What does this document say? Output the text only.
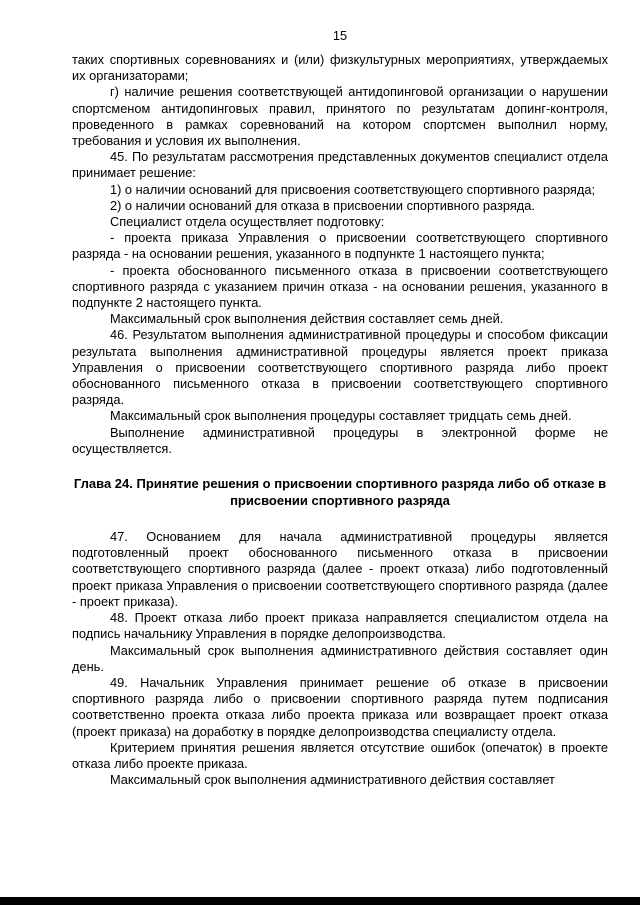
15

таких спортивных соревнованиях и (или) физкультурных мероприятиях, утверждаемых их организаторами;

г) наличие решения соответствующей антидопинговой организации о нарушении спортсменом антидопинговых правил, принятого по результатам допинг-контроля, проведенного в рамках соревнований на котором спортсмен выполнил норму, требования и условия их выполнения.

45. По результатам рассмотрения представленных документов специалист отдела принимает решение:

1) о наличии оснований для присвоения соответствующего спортивного разряда;

2) о наличии оснований для отказа в присвоении спортивного разряда.

Специалист отдела осуществляет подготовку:

- проекта приказа Управления о присвоении соответствующего спортивного разряда - на основании решения, указанного в подпункте 1 настоящего пункта;

- проекта обоснованного письменного отказа в присвоении соответствующего спортивного разряда с указанием причин отказа - на основании решения, указанного в подпункте 2 настоящего пункта.

Максимальный срок выполнения действия составляет семь дней.

46. Результатом выполнения административной процедуры и способом фиксации результата выполнения административной процедуры является проект приказа Управления о присвоении соответствующего спортивного разряда либо проект обоснованного письменного отказа в присвоении соответствующего спортивного разряда.

Максимальный срок выполнения процедуры составляет тридцать семь дней.

Выполнение административной процедуры в электронной форме не осуществляется.

Глава 24. Принятие решения о присвоении спортивного разряда либо об отказе в присвоении спортивного разряда

47. Основанием для начала административной процедуры является подготовленный проект обоснованного письменного отказа в присвоении соответствующего спортивного разряда (далее - проект отказа) либо подготовленный проект приказа Управления о присвоении соответствующего спортивного разряда (далее - проект приказа).

48. Проект отказа либо проект приказа направляется специалистом отдела на подпись начальнику Управления в порядке делопроизводства.

Максимальный срок выполнения административного действия составляет один день.

49. Начальник Управления принимает решение об отказе в присвоении спортивного разряда либо о присвоении спортивного разряда путем подписания соответственно проекта отказа либо проекта приказа или возвращает проект отказа (проект приказа) на доработку в порядке делопроизводства специалисту отдела.

Критерием принятия решения является отсутствие ошибок (опечаток) в проекте отказа либо проекте приказа.

Максимальный срок выполнения административного действия составляет
